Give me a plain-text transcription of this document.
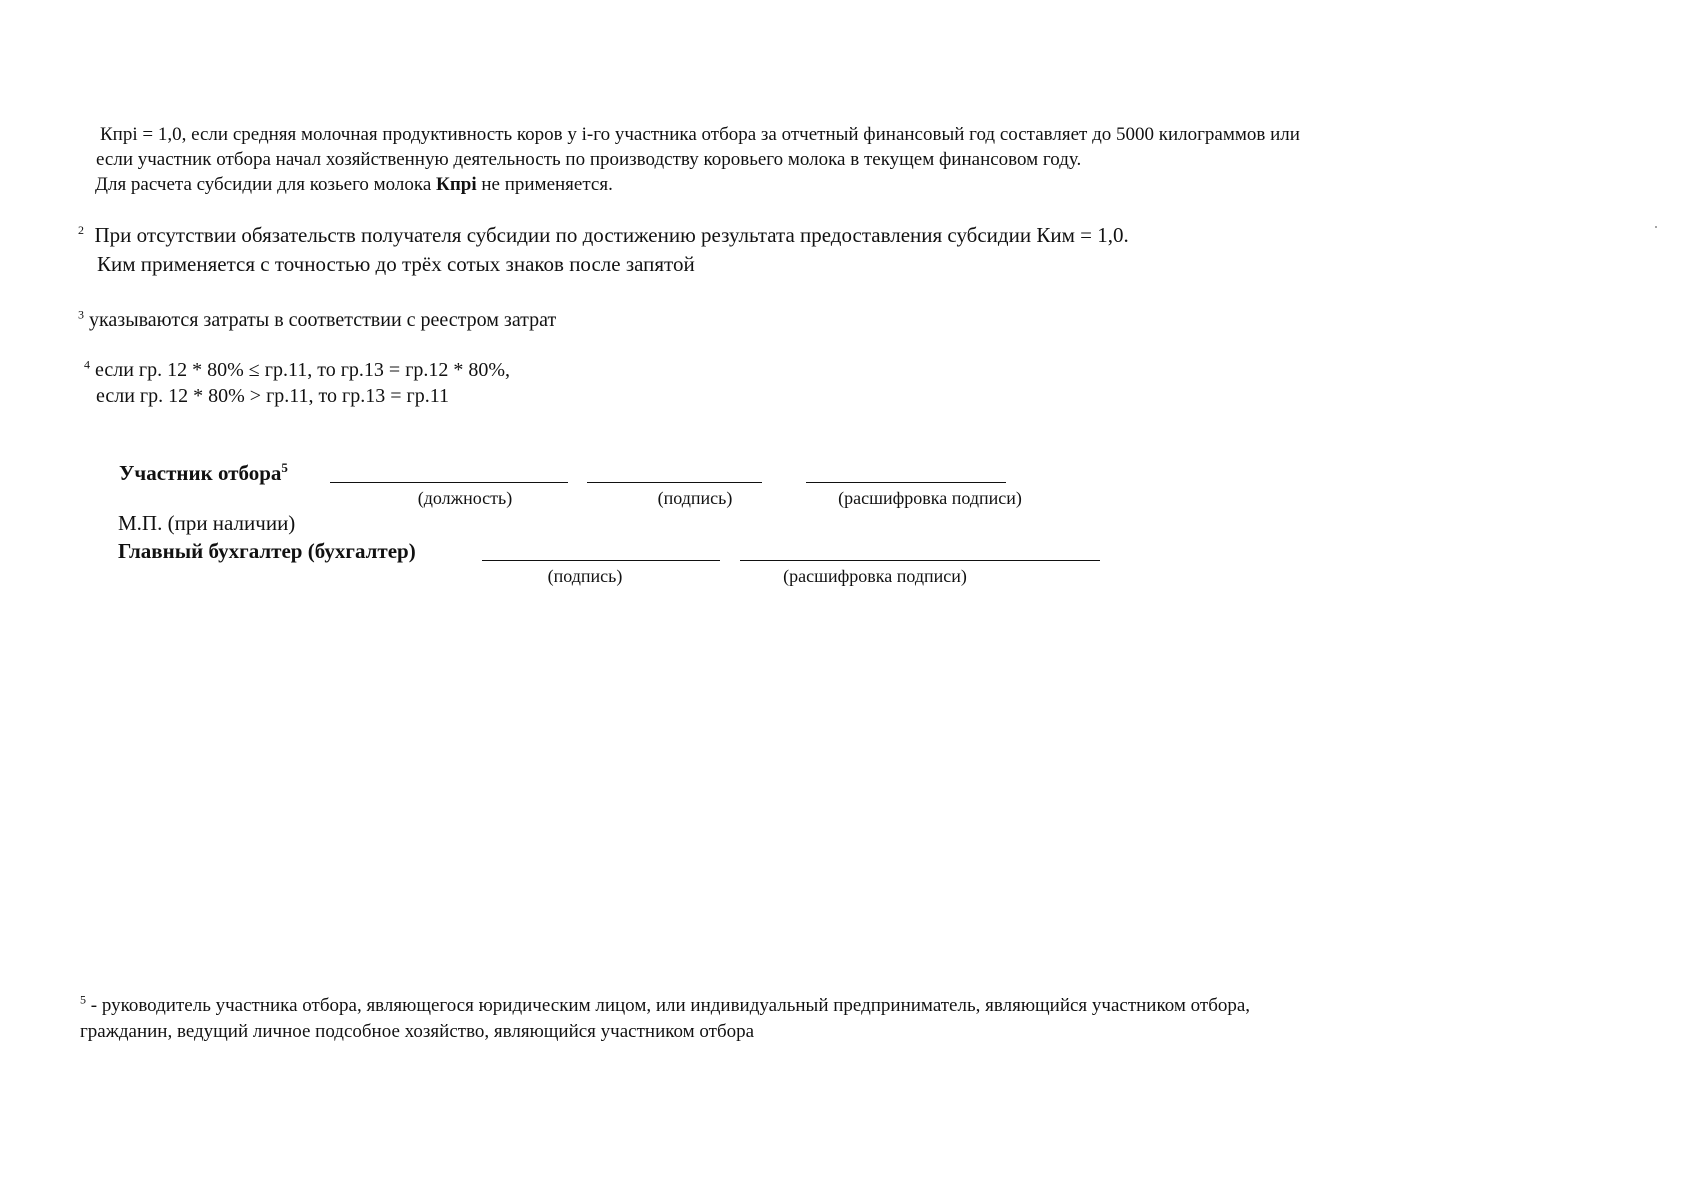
Кпрі = 1,0, если средняя молочная продуктивность коров у і-го участника отбора за отчетный финансовый год составляет до 5000 килограммов или
если участник отбора начал хозяйственную деятельность по производству коровьего молока в текущем финансовом году.
Для расчета субсидии для козьего молока Кпрі не применяется.
$^2$ При отсутствии обязательств получателя субсидии по достижению результата предоставления субсидии Ким = 1,0.
Ким применяется с точностью до трёх сотых знаков после запятой
$^3$ указываются затраты в соответствии с реестром затрат
$^4$ если гр. 12 * 80% ≤ гр.11, то гр.13 = гр.12 * 80%,
если гр. 12 * 80% > гр.11, то гр.13 = гр.11
Участник отбора$^5$
(должность)	(подпись)	(расшифровка подписи)
М.П. (при наличии)
Главный бухгалтер (бухгалтер)
(подпись)	(расшифровка подписи)
$^5$ - руководитель участника отбора, являющегося юридическим лицом, или индивидуальный предприниматель, являющийся участником отбора,
гражданин, ведущий личное подсобное хозяйство, являющийся участником отбора
